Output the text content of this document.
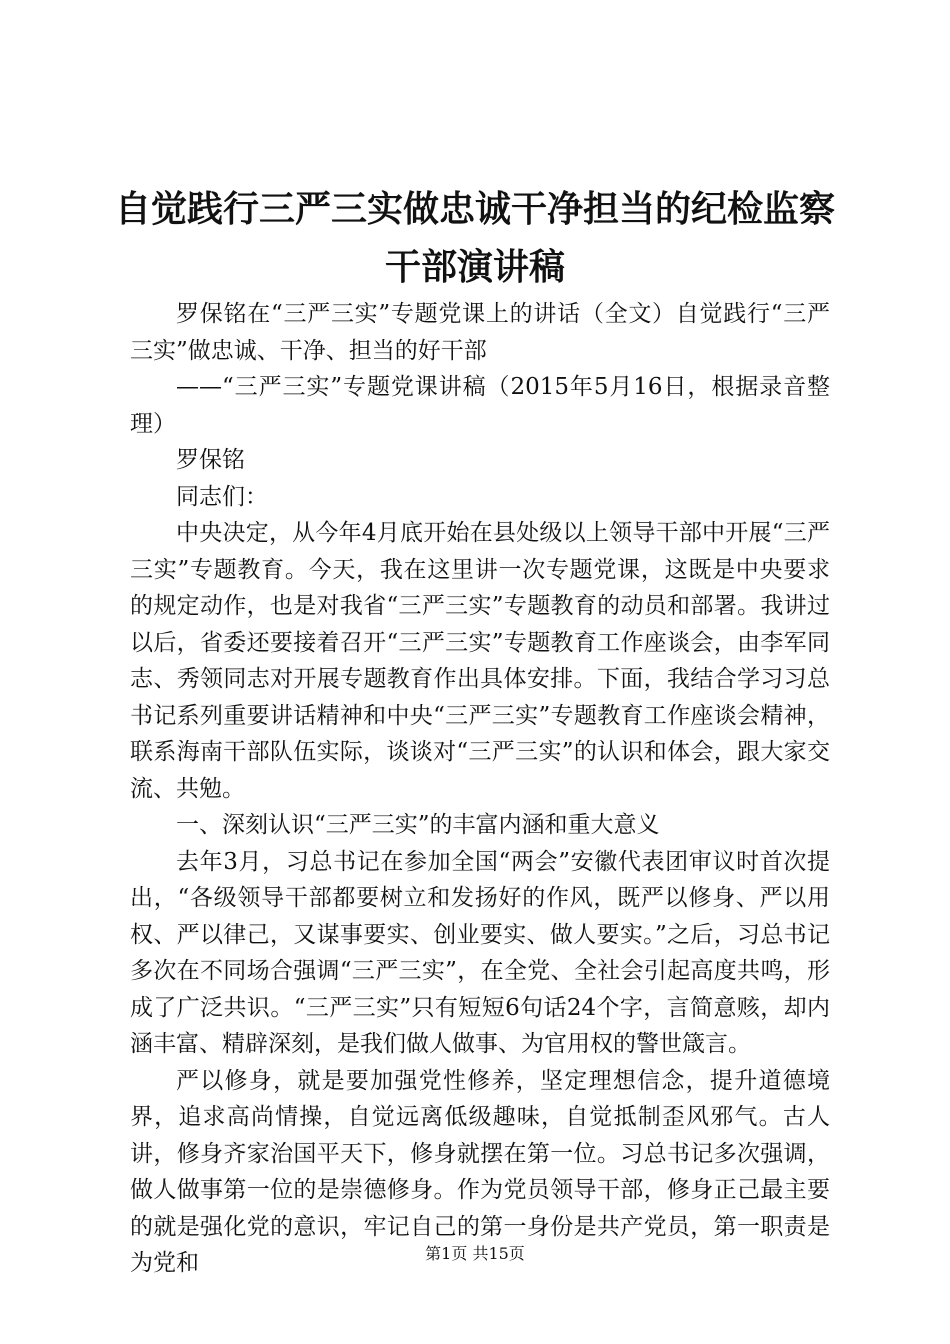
自觉践行三严三实做忠诚干净担当的纪检监察
干部演讲稿

罗保铭在“三严三实”专题党课上的讲话（全文）自觉践行“三严三实”做忠诚、干净、担当的好干部

——“三严三实”专题党课讲稿（2015年5月16日，根据录音整理）

罗保铭

同志们：

中央决定，从今年4月底开始在县处级以上领导干部中开展“三严三实”专题教育。今天，我在这里讲一次专题党课，这既是中央要求的规定动作，也是对我省“三严三实”专题教育的动员和部署。我讲过以后，省委还要接着召开“三严三实”专题教育工作座谈会，由李军同志、秀领同志对开展专题教育作出具体安排。下面，我结合学习习总书记系列重要讲话精神和中央“三严三实”专题教育工作座谈会精神，联系海南干部队伍实际，谈谈对“三严三实”的认识和体会，跟大家交流、共勉。

一、深刻认识“三严三实”的丰富内涵和重大意义

去年3月，习总书记在参加全国“两会”安徽代表团审议时首次提出，“各级领导干部都要树立和发扬好的作风，既严以修身、严以用权、严以律己，又谋事要实、创业要实、做人要实。”之后，习总书记多次在不同场合强调“三严三实”，在全党、全社会引起高度共鸣，形成了广泛共识。“三严三实”只有短短6句话24个字，言简意赅，却内涵丰富、精辟深刻，是我们做人做事、为官用权的警世箴言。

严以修身，就是要加强党性修养，坚定理想信念，提升道德境界，追求高尚情操，自觉远离低级趣味，自觉抵制歪风邪气。古人讲，修身齐家治国平天下，修身就摆在第一位。习总书记多次强调，做人做事第一位的是崇德修身。作为党员领导干部，修身正己最主要的就是强化党的意识，牢记自己的第一身份是共产党员，第一职责是为党和	第1页 共15页
